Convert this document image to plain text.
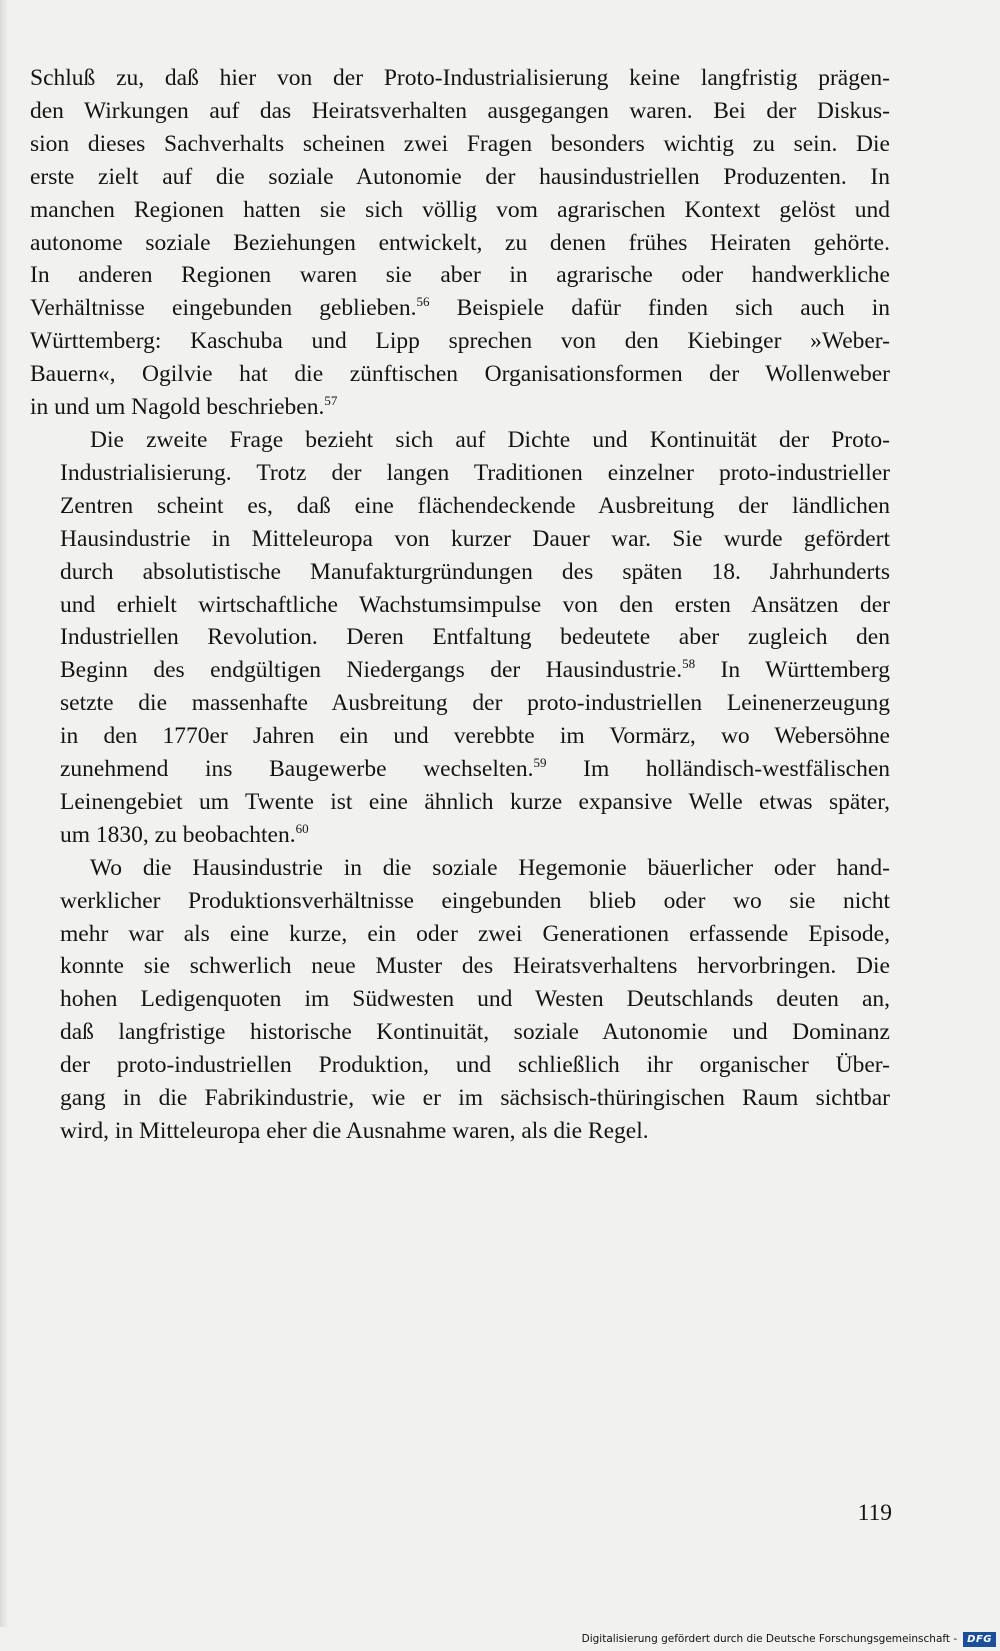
Schluß zu, daß hier von der Proto-Industrialisierung keine langfristig prägen-
den Wirkungen auf das Heiratsverhalten ausgegangen waren. Bei der Diskus-
sion dieses Sachverhalts scheinen zwei Fragen besonders wichtig zu sein. Die
erste zielt auf die soziale Autonomie der hausindustriellen Produzenten. In
manchen Regionen hatten sie sich völlig vom agrarischen Kontext gelöst und
autonome soziale Beziehungen entwickelt, zu denen frühes Heiraten gehörte.
In anderen Regionen waren sie aber in agrarische oder handwerkliche
Verhältnisse eingebunden geblieben.$^{56}$ Beispiele dafür finden sich auch in
Württemberg: Kaschuba und Lipp sprechen von den Kiebinger »Weber-
Bauern«, Ogilvie hat die zünftischen Organisationsformen der Wollenweber
in und um Nagold beschrieben.$^{57}$
Die zweite Frage bezieht sich auf Dichte und Kontinuität der Proto-
Industrialisierung. Trotz der langen Traditionen einzelner proto-industrieller
Zentren scheint es, daß eine flächendeckende Ausbreitung der ländlichen
Hausindustrie in Mitteleuropa von kurzer Dauer war. Sie wurde gefördert
durch absolutistische Manufakturgründungen des späten 18. Jahrhunderts
und erhielt wirtschaftliche Wachstumsimpulse von den ersten Ansätzen der
Industriellen Revolution. Deren Entfaltung bedeutete aber zugleich den
Beginn des endgültigen Niedergangs der Hausindustrie.$^{58}$ In Württemberg
setzte die massenhafte Ausbreitung der proto-industriellen Leinenerzeugung
in den 1770er Jahren ein und verebbte im Vormärz, wo Webersöhne
zunehmend ins Baugewerbe wechselten.$^{59}$ Im holländisch-westfälischen
Leinengebiet um Twente ist eine ähnlich kurze expansive Welle etwas später,
um 1830, zu beobachten.$^{60}$
Wo die Hausindustrie in die soziale Hegemonie bäuerlicher oder hand-
werklicher Produktionsverhältnisse eingebunden blieb oder wo sie nicht
mehr war als eine kurze, ein oder zwei Generationen erfassende Episode,
konnte sie schwerlich neue Muster des Heiratsverhaltens hervorbringen. Die
hohen Ledigenquoten im Südwesten und Westen Deutschlands deuten an,
daß langfristige historische Kontinuität, soziale Autonomie und Dominanz
der proto-industriellen Produktion, und schließlich ihr organischer Über-
gang in die Fabrikindustrie, wie er im sächsisch-thüringischen Raum sichtbar
wird, in Mitteleuropa eher die Ausnahme waren, als die Regel.
119
Digitalisierung gefördert durch die Deutsche Forschungsgemeinschaft -	DFG
